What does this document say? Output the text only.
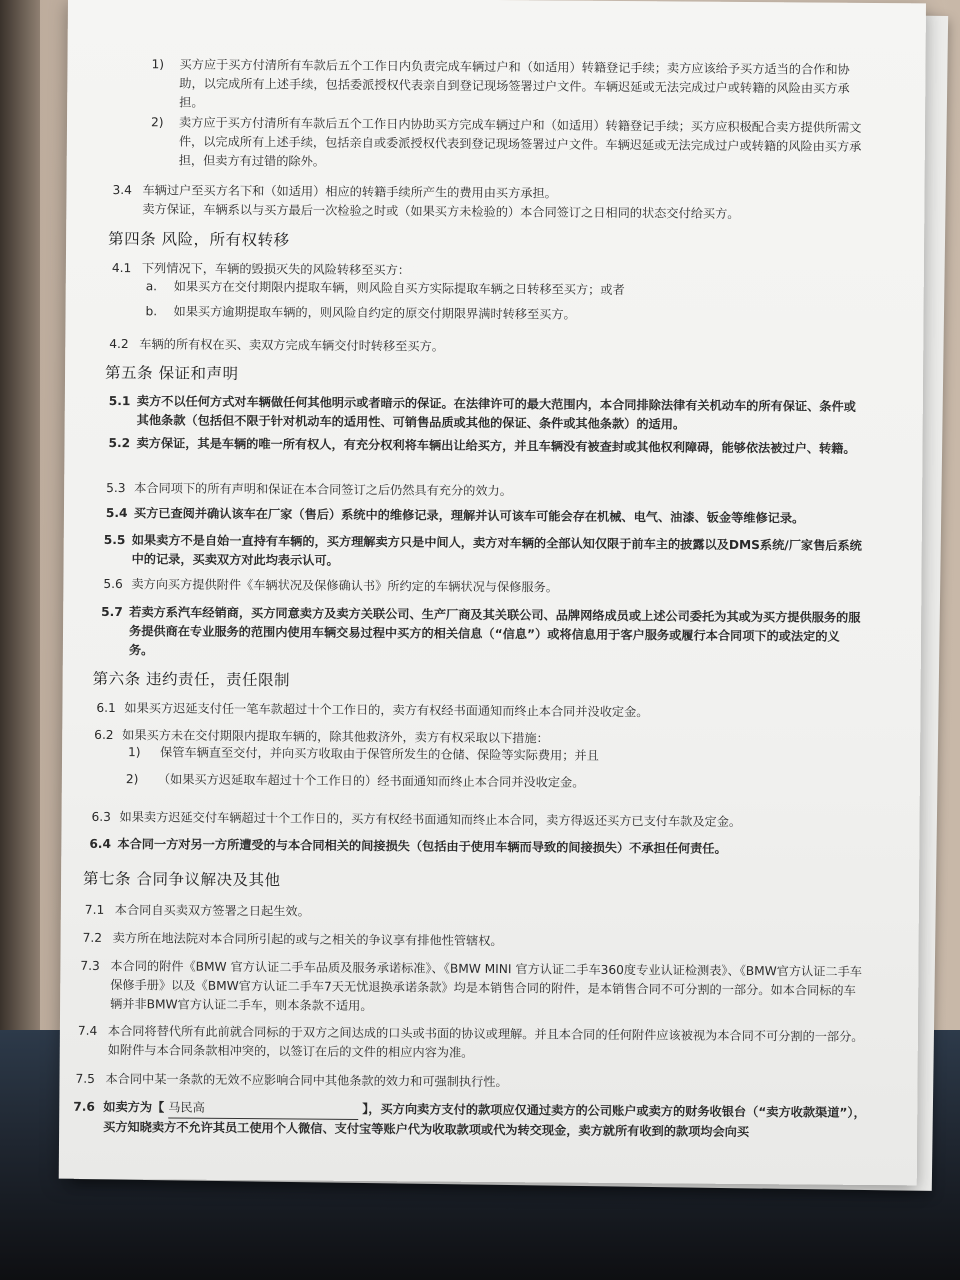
1) 买方应于买方付清所有车款后五个工作日内负责完成车辆过户和（如适用）转籍登记手续；卖方应该给予买方适当的合作和协助，以完成所有上述手续，包括委派授权代表亲自到登记现场签署过户文件。车辆迟延或无法完成过户或转籍的风险由买方承担。
2) 卖方应于买方付清所有车款后五个工作日内协助买方完成车辆过户和（如适用）转籍登记手续；买方应积极配合卖方提供所需文件，以完成所有上述手续，包括亲自或委派授权代表到登记现场签署过户文件。车辆迟延或无法完成过户或转籍的风险由买方承担，但卖方有过错的除外。
3.4 车辆过户至买方名下和（如适用）相应的转籍手续所产生的费用由买方承担。
卖方保证，车辆系以与买方最后一次检验之时或（如果买方未检验的）本合同签订之日相同的状态交付给买方。
第四条 风险，所有权转移
4.1 下列情况下，车辆的毁损灭失的风险转移至买方：
a. 如果买方在交付期限内提取车辆，则风险自买方实际提取车辆之日转移至买方；或者
b. 如果买方逾期提取车辆的，则风险自约定的原交付期限界满时转移至买方。
4.2 车辆的所有权在买、卖双方完成车辆交付时转移至买方。
第五条 保证和声明
5.1 卖方不以任何方式对车辆做任何其他明示或者暗示的保证。在法律许可的最大范围内，本合同排除法律有关机动车的所有保证、条件或其他条款（包括但不限于针对机动车的适用性、可销售品质或其他的保证、条件或其他条款）的适用。
5.2 卖方保证，其是车辆的唯一所有权人，有充分权利将车辆出让给买方，并且车辆没有被查封或其他权利障碍，能够依法被过户、转籍。
5.3 本合同项下的所有声明和保证在本合同签订之后仍然具有充分的效力。
5.4 买方已查阅并确认该车在厂家（售后）系统中的维修记录，理解并认可该车可能会存在机械、电气、油漆、钣金等维修记录。
5.5 如果卖方不是自始一直持有车辆的，买方理解卖方只是中间人，卖方对车辆的全部认知仅限于前车主的披露以及DMS系统/厂家售后系统中的记录，买卖双方对此均表示认可。
5.6 卖方向买方提供附件《车辆状况及保修确认书》所约定的车辆状况与保修服务。
5.7 若卖方系汽车经销商，买方同意卖方及卖方关联公司、生产厂商及其关联公司、品牌网络成员或上述公司委托为其或为买方提供服务的服务提供商在专业服务的范围内使用车辆交易过程中买方的相关信息（“信息”）或将信息用于客户服务或履行本合同项下的或法定的义务。
第六条 违约责任，责任限制
6.1 如果买方迟延支付任一笔车款超过十个工作日的，卖方有权经书面通知而终止本合同并没收定金。
6.2 如果买方未在交付期限内提取车辆的，除其他救济外，卖方有权采取以下措施：
1) 保管车辆直至交付，并向买方收取由于保管所发生的仓储、保险等实际费用；并且
2) （如果买方迟延取车超过十个工作日的）经书面通知而终止本合同并没收定金。
6.3 如果卖方迟延交付车辆超过十个工作日的，买方有权经书面通知而终止本合同，卖方得返还买方已支付车款及定金。
6.4 本合同一方对另一方所遭受的与本合同相关的间接损失（包括由于使用车辆而导致的间接损失）不承担任何责任。
第七条 合同争议解决及其他
7.1 本合同自买卖双方签署之日起生效。
7.2 卖方所在地法院对本合同所引起的或与之相关的争议享有排他性管辖权。
7.3 本合同的附件《BMW 官方认证二手车品质及服务承诺标准》、《BMW MINI 官方认证二手车360度专业认证检测表》、《BMW官方认证二手车保修手册》以及《BMW官方认证二手车7天无忧退换承诺条款》均是本销售合同的附件，是本销售合同不可分割的一部分。如本合同标的车辆并非BMW官方认证二手车，则本条款不适用。
7.4 本合同将替代所有此前就合同标的于双方之间达成的口头或书面的协议或理解。并且本合同的任何附件应该被视为本合同不可分割的一部分。如附件与本合同条款相冲突的，以签订在后的文件的相应内容为准。
7.5 本合同中某一条款的无效不应影响合同中其他条款的效力和可强制执行性。
7.6 如卖方为【 马民高	】，买方向卖方支付的款项应仅通过卖方的公司账户或卖方的财务收银台（“卖方收款渠道”），买方知晓卖方不允许其员工使用个人微信、支付宝等账户代为收取款项或代为转交现金，卖方就所有收到的款项均会向买
